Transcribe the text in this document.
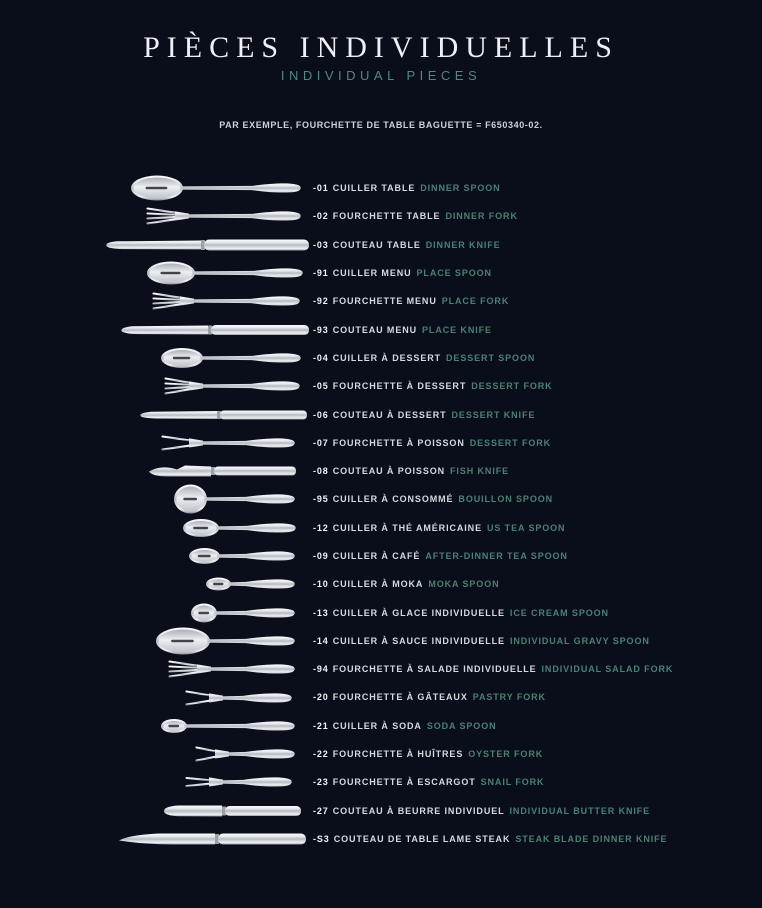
PIÈCES INDIVIDUELLES
INDIVIDUAL PIECES
PAR EXEMPLE, FOURCHETTE DE TABLE BAGUETTE = F650340-02.
-01 CUILLER TABLE DINNER SPOON
-02 FOURCHETTE TABLE DINNER FORK
-03 COUTEAU TABLE DINNER KNIFE
-91 CUILLER MENU PLACE SPOON
-92 FOURCHETTE MENU PLACE FORK
-93 COUTEAU MENU PLACE KNIFE
-04 CUILLER À DESSERT DESSERT SPOON
-05 FOURCHETTE À DESSERT DESSERT FORK
-06 COUTEAU À DESSERT DESSERT KNIFE
-07 FOURCHETTE À POISSON DESSERT FORK
-08 COUTEAU À POISSON FISH KNIFE
-95 CUILLER À CONSOMMÉ BOUILLON SPOON
-12 CUILLER À THÉ AMÉRICAINE US TEA SPOON
-09 CUILLER À CAFÉ AFTER-DINNER TEA SPOON
-10 CUILLER À MOKA MOKA SPOON
-13 CUILLER À GLACE INDIVIDUELLE ICE CREAM SPOON
-14 CUILLER À SAUCE INDIVIDUELLE INDIVIDUAL GRAVY SPOON
-94 FOURCHETTE À SALADE INDIVIDUELLE INDIVIDUAL SALAD FORK
-20 FOURCHETTE À GÂTEAUX PASTRY FORK
-21 CUILLER À SODA SODA SPOON
-22 FOURCHETTE À HUÎTRES OYSTER FORK
-23 FOURCHETTE À ESCARGOT SNAIL FORK
-27 COUTEAU À BEURRE INDIVIDUEL INDIVIDUAL BUTTER KNIFE
-S3 COUTEAU DE TABLE LAME STEAK STEAK BLADE DINNER KNIFE
